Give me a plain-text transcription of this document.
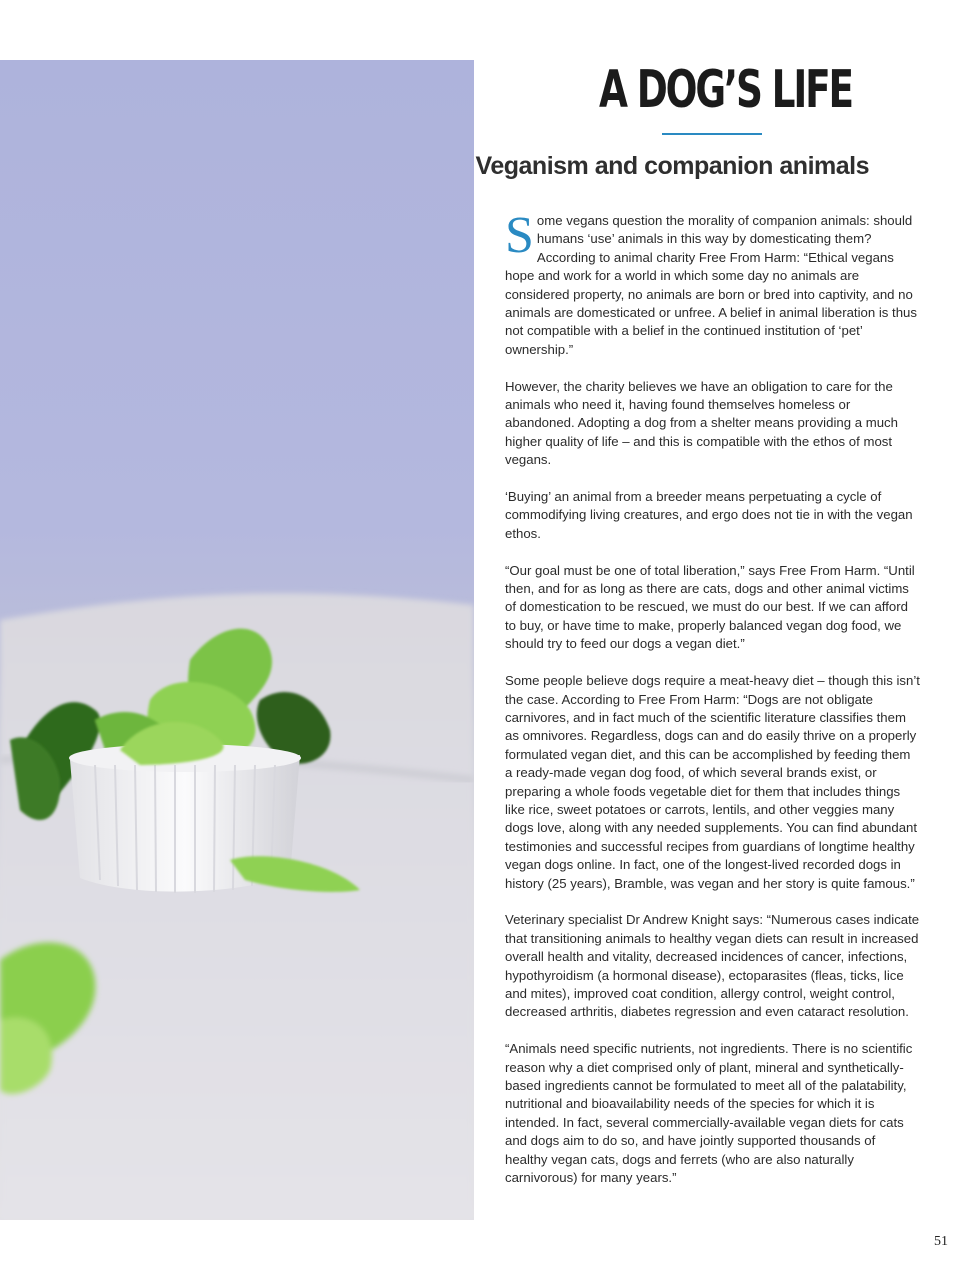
A DOG’S LIFE
Veganism and companion animals

Some vegans question the morality of companion animals: should humans ‘use’ animals in this way by domesticating them? According to animal charity Free From Harm: “Ethical vegans hope and work for a world in which some day no animals are considered property, no animals are born or bred into captivity, and no animals are domesticated or unfree. A belief in animal liberation is thus not compatible with a belief in the continued institution of ‘pet’ ownership.”

However, the charity believes we have an obligation to care for the animals who need it, having found themselves homeless or abandoned. Adopting a dog from a shelter means providing a much higher quality of life – and this is compatible with the ethos of most vegans.

‘Buying’ an animal from a breeder means perpetuating a cycle of commodifying living creatures, and ergo does not tie in with the vegan ethos.

“Our goal must be one of total liberation,” says Free From Harm. “Until then, and for as long as there are cats, dogs and other animal victims of domestication to be rescued, we must do our best. If we can afford to buy, or have time to make, properly balanced vegan dog food, we should try to feed our dogs a vegan diet.”

Some people believe dogs require a meat-heavy diet – though this isn’t the case. According to Free From Harm: “Dogs are not obligate carnivores, and in fact much of the scientific literature classifies them as omnivores. Regardless, dogs can and do easily thrive on a properly formulated vegan diet, and this can be accomplished by feeding them a ready-made vegan dog food, of which several brands exist, or preparing a whole foods vegetable diet for them that includes things like rice, sweet potatoes or carrots, lentils, and other veggies many dogs love, along with any needed supplements. You can find abundant testimonies and successful recipes from guardians of longtime healthy vegan dogs online. In fact, one of the longest-lived recorded dogs in history (25 years), Bramble, was vegan and her story is quite famous.”

Veterinary specialist Dr Andrew Knight says: “Numerous cases indicate that transitioning animals to healthy vegan diets can result in increased overall health and vitality, decreased incidences of cancer, infections, hypothyroidism (a hormonal disease), ectoparasites (fleas, ticks, lice and mites), improved coat condition, allergy control, weight control, decreased arthritis, diabetes regression and even cataract resolution.

“Animals need specific nutrients, not ingredients. There is no scientific reason why a diet comprised only of plant, mineral and synthetically-based ingredients cannot be formulated to meet all of the palatability, nutritional and bioavailability needs of the species for which it is intended. In fact, several commercially-available vegan diets for cats and dogs aim to do so, and have jointly supported thousands of healthy vegan cats, dogs and ferrets (who are also naturally carnivorous) for many years.”

51
